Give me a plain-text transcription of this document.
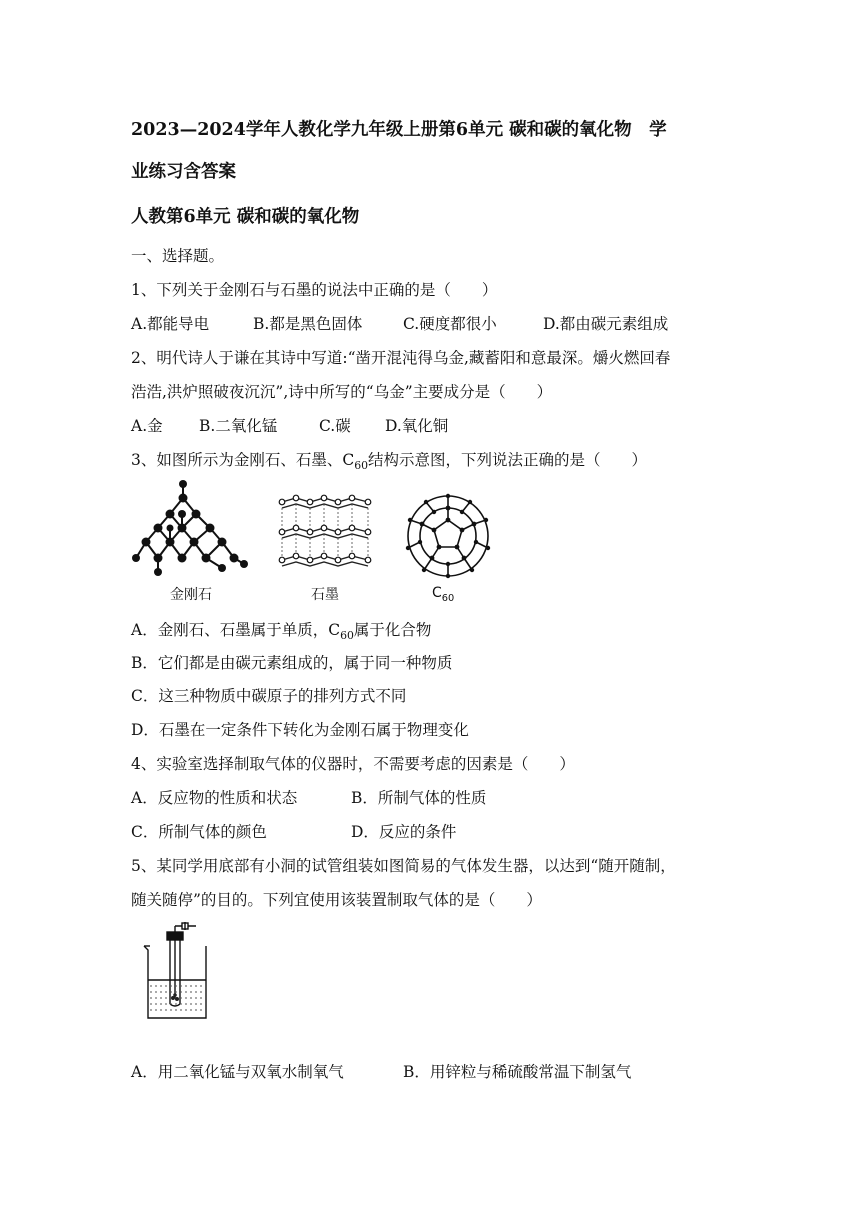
2023—2024学年人教化学九年级上册第6单元 碳和碳的氧化物　学
业练习含答案
人教第6单元 碳和碳的氧化物
一、选择题。
1、下列关于金刚石与石墨的说法中正确的是（　　）
A.都能导电	B.都是黑色固体	C.硬度都很小	D.都由碳元素组成
2、明代诗人于谦在其诗中写道:“凿开混沌得乌金,藏蓄阳和意最深。爝火燃回春
浩浩,洪炉照破夜沉沉”,诗中所写的“乌金”主要成分是（　　）
A.金 B.二氧化锰	C.碳 D.氧化铜
3、如图所示为金刚石、石墨、$C_{60}$结构示意图，下列说法正确的是（　　）
金刚石	石墨	$C_{60}$
A．金刚石、石墨属于单质，$C_{60}$属于化合物
B．它们都是由碳元素组成的，属于同一种物质
C．这三种物质中碳原子的排列方式不同
D．石墨在一定条件下转化为金刚石属于物理变化
4、实验室选择制取气体的仪器时，不需要考虑的因素是（　　）
A．反应物的性质和状态	B．所制气体的性质
C．所制气体的颜色	D．反应的条件
5、某同学用底部有小洞的试管组装如图简易的气体发生器，以达到“随开随制，
随关随停”的目的。下列宜使用该装置制取气体的是（　　）
A．用二氧化锰与双氧水制氧气	B．用锌粒与稀硫酸常温下制氢气
